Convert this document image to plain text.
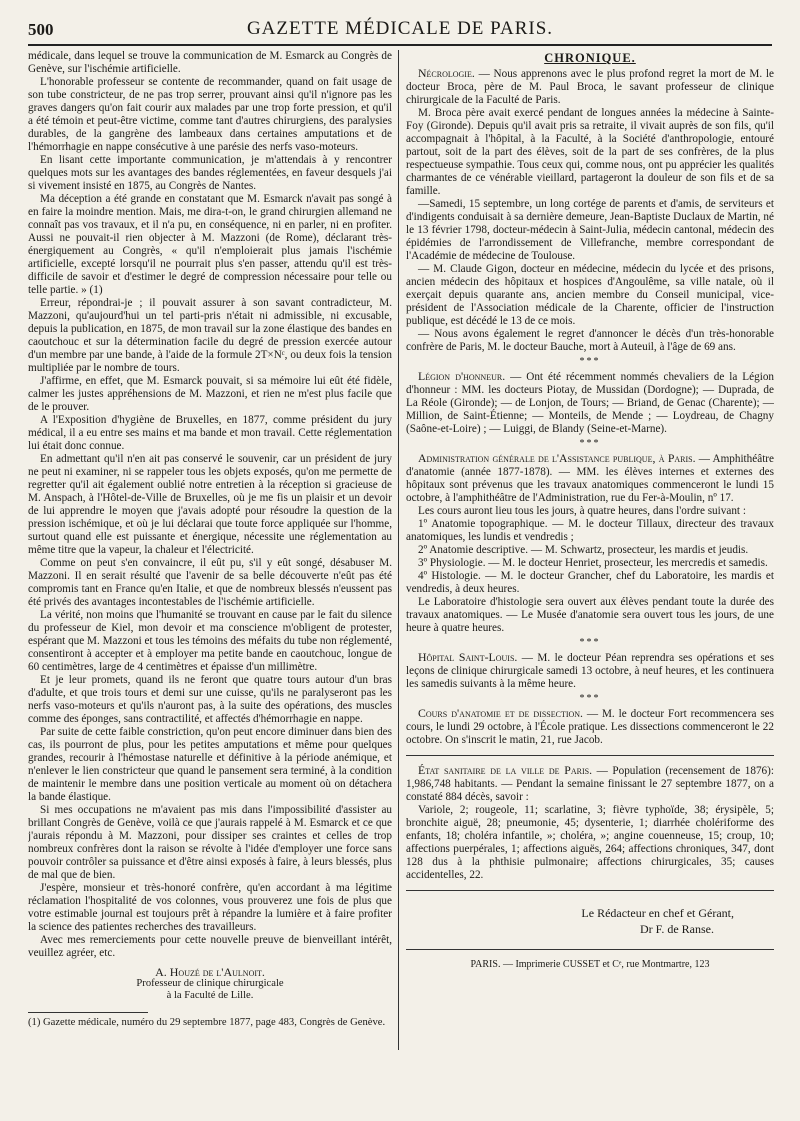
500	GAZETTE MÉDICALE DE PARIS.

médicale, dans lequel se trouve la communication de M. Esmarck au Congrès de Genève, sur l'ischémie artificielle.

L'honorable professeur se contente de recommander, quand on fait usage de son tube constricteur, de ne pas trop serrer, prouvant ainsi qu'il n'ignore pas les graves dangers qu'on fait courir aux malades par une trop forte pression, et qu'il a été témoin et peut-être victime, comme tant d'autres chirurgiens, des paralysies durables, de la gangrène des lambeaux dans certaines amputations et de l'hémorrhagie en nappe consécutive à une parésie des nerfs vaso-moteurs.

En lisant cette importante communication, je m'attendais à y rencontrer quelques mots sur les avantages des bandes réglementées, en faveur desquels j'ai si vivement insisté en 1875, au Congrès de Nantes.

Ma déception a été grande en constatant que M. Esmarck n'avait pas songé à en faire la moindre mention. Mais, me dira-t-on, le grand chirurgien allemand ne connaît pas vos travaux, et il n'a pu, en conséquence, ni en parler, ni en profiter. Aussi ne pouvait-il rien objecter à M. Mazzoni (de Rome), déclarant très-énergiquement au Congrès, « qu'il n'emploierait plus jamais l'ischémie artificielle, excepté lorsqu'il ne pourrait plus s'en passer, attendu qu'il est très-difficile de savoir et d'estimer le degré de compression nécessaire pour telle ou telle partie. » (1)

Erreur, répondrai-je ; il pouvait assurer à son savant contradicteur, M. Mazzoni, qu'aujourd'hui un tel parti-pris n'était ni admissible, ni excusable, depuis la publication, en 1875, de mon travail sur la zone élastique des bandes en caoutchouc et sur la détermination facile du degré de pression exercée autour d'un membre par une bande, à l'aide de la formule 2T×Nᶜ, ou deux fois la tension multipliée par le nombre de tours.

J'affirme, en effet, que M. Esmarck pouvait, si sa mémoire lui eût été fidèle, calmer les justes appréhensions de M. Mazzoni, et rien ne m'est plus facile que de le prouver.

A l'Exposition d'hygiène de Bruxelles, en 1877, comme président du jury médical, il a eu entre ses mains et ma bande et mon travail. Cette réglementation lui était donc connue.

En admettant qu'il n'en ait pas conservé le souvenir, car un président de jury ne peut ni examiner, ni se rappeler tous les objets exposés, qu'on me permette de regretter qu'il ait également oublié notre entretien à la réception si gracieuse de M. Anspach, à l'Hôtel-de-Ville de Bruxelles, où je me fis un plaisir et un devoir de lui apprendre le moyen que j'avais adopté pour résoudre la question de la pression ischémique, et où je lui déclarai que toute force appliquée sur l'homme, surtout quand elle est puissante et énergique, nécessite une réglementation au même titre que la vapeur, la chaleur et l'électricité.

Comme on peut s'en convaincre, il eût pu, s'il y eût songé, désabuser M. Mazzoni. Il en serait résulté que l'avenir de sa belle découverte n'eût pas été compromis tant en France qu'en Italie, et que de nombreux blessés n'eussent pas été privés des avantages incontestables de l'ischémie artificielle.

La vérité, non moins que l'humanité se trouvant en cause par le fait du silence du professeur de Kiel, mon devoir et ma conscience m'obligent de protester, espérant que M. Mazzoni et tous les témoins des méfaits du tube non réglementé, consentiront à accepter et à employer ma petite bande en caoutchouc, longue de 60 centimètres, large de 4 centimètres et épaisse d'un millimètre.

Et je leur promets, quand ils ne feront que quatre tours autour d'un bras d'adulte, et que trois tours et demi sur une cuisse, qu'ils ne paralyseront pas les nerfs vaso-moteurs et qu'ils n'auront pas, à la suite des opérations, des muscles comme des éponges, sans contractilité, et affectés d'hémorrhagie en nappe.

Par suite de cette faible constriction, qu'on peut encore diminuer dans bien des cas, ils pourront de plus, pour les petites amputations et même pour quelques grandes, recourir à l'hémostase naturelle et définitive à la période anémique, et n'enlever le lien constricteur que quand le pansement sera terminé, à la condition de maintenir le membre dans une position verticale au moment où on détachera la bande élastique.

Si mes occupations ne m'avaient pas mis dans l'impossibilité d'assister au brillant Congrès de Genève, voilà ce que j'aurais rappelé à M. Esmarck et ce que j'aurais répondu à M. Mazzoni, pour dissiper ses craintes et celles de trop nombreux confrères dont la raison se révolte à l'idée d'employer une force sans pouvoir contrôler sa puissance et d'être ainsi exposés à faire, à leurs blessés, plus de mal que de bien.

J'espère, monsieur et très-honoré confrère, qu'en accordant à ma légitime réclamation l'hospitalité de vos colonnes, vous prouverez une fois de plus que votre estimable journal est toujours prêt à répandre la lumière et à faire profiter la science des patientes recherches des travailleurs.

Avec mes remerciements pour cette nouvelle preuve de bienveillant intérêt, veuillez agréer, etc.

A. Houzé de l'Aulnoit.
Professeur de clinique chirurgicale
à la Faculté de Lille.

(1) Gazette médicale, numéro du 29 septembre 1877, page 483, Congrès de Genève.

CHRONIQUE.

Nécrologie. — Nous apprenons avec le plus profond regret la mort de M. le docteur Broca, père de M. Paul Broca, le savant professeur de clinique chirurgicale de la Faculté de Paris.

M. Broca père avait exercé pendant de longues années la médecine à Sainte-Foy (Gironde). Depuis qu'il avait pris sa retraite, il vivait auprès de son fils, qu'il accompagnait à l'hôpital, à la Faculté, à la Société d'anthropologie, entouré partout, soit de la part des élèves, soit de la part de ses confrères, de la plus respectueuse sympathie. Tous ceux qui, comme nous, ont pu apprécier les qualités charmantes de ce vénérable vieillard, partageront la douleur de son fils et de sa famille.

—Samedi, 15 septembre, un long cortége de parents et d'amis, de serviteurs et d'indigents conduisait à sa dernière demeure, Jean-Baptiste Duclaux de Martin, né le 13 février 1798, docteur-médecin à Saint-Julia, médecin cantonal, médecin des épidémies de l'arrondissement de Villefranche, membre correspondant de l'Académie de médecine de Toulouse.

— M. Claude Gigon, docteur en médecine, médecin du lycée et des prisons, ancien médecin des hôpitaux et hospices d'Angoulême, sa ville natale, où il exerçait depuis quarante ans, ancien membre du Conseil municipal, vice-président de l'Association médicale de la Charente, officier de l'instruction publique, est décédé le 13 de ce mois.

— Nous avons également le regret d'annoncer le décès d'un très-honorable confrère de Paris, M. le docteur Bauche, mort à Auteuil, à l'âge de 69 ans.

***

Légion d'honneur. — Ont été récemment nommés chevaliers de la Légion d'honneur : MM. les docteurs Piotay, de Mussidan (Dordogne); — Duprada, de La Réole (Gironde); — de Lonjon, de Tours; — Briand, de Genac (Charente); — Million, de Saint-Étienne; — Monteils, de Mende ; — Loydreau, de Chagny (Saône-et-Loire) ; — Luiggi, de Blandy (Seine-et-Marne).

***

Administration générale de l'Assistance publique, à Paris. — Amphithéâtre d'anatomie (année 1877-1878). — MM. les élèves internes et externes des hôpitaux sont prévenus que les travaux anatomiques commenceront le lundi 15 octobre, à l'amphithéâtre de l'Administration, rue du Fer-à-Moulin, nº 17.

Les cours auront lieu tous les jours, à quatre heures, dans l'ordre suivant :

1º Anatomie topographique. — M. le docteur Tillaux, directeur des travaux anatomiques, les lundis et vendredis ;

2º Anatomie descriptive. — M. Schwartz, prosecteur, les mardis et jeudis.

3º Physiologie. — M. le docteur Henriet, prosecteur, les mercredis et samedis.

4º Histologie. — M. le docteur Grancher, chef du Laboratoire, les mardis et vendredis, à deux heures.

Le Laboratoire d'histologie sera ouvert aux élèves pendant toute la durée des travaux anatomiques. — Le Musée d'anatomie sera ouvert tous les jours, de une heure à quatre heures.

***

Hôpital Saint-Louis. — M. le docteur Péan reprendra ses opérations et ses leçons de clinique chirurgicale samedi 13 octobre, à neuf heures, et les continuera les samedis suivants à la même heure.

***

Cours d'anatomie et de dissection. — M. le docteur Fort recommencera ses cours, le lundi 29 octobre, à l'École pratique. Les dissections commenceront le 22 octobre. On s'inscrit le matin, 21, rue Jacob.

État sanitaire de la ville de Paris. — Population (recensement de 1876): 1,986,748 habitants. — Pendant la semaine finissant le 27 septembre 1877, on a constaté 884 décès, savoir :

Variole, 2; rougeole, 11; scarlatine, 3; fièvre typhoïde, 38; érysipèle, 5; bronchite aiguë, 28; pneumonie, 45; dysenterie, 1; diarrhée cholériforme des enfants, 18; choléra infantile, »; choléra, »; angine couenneuse, 15; croup, 10; affections puerpérales, 1; affections aiguës, 264; affections chroniques, 347, dont 128 dus à la phthisie pulmonaire; affections chirurgicales, 35; causes accidentelles, 22.

Le Rédacteur en chef et Gérant,
Dr F. de Ranse.
PARIS. — Imprimerie CUSSET et Cᵉ, rue Montmartre, 123
